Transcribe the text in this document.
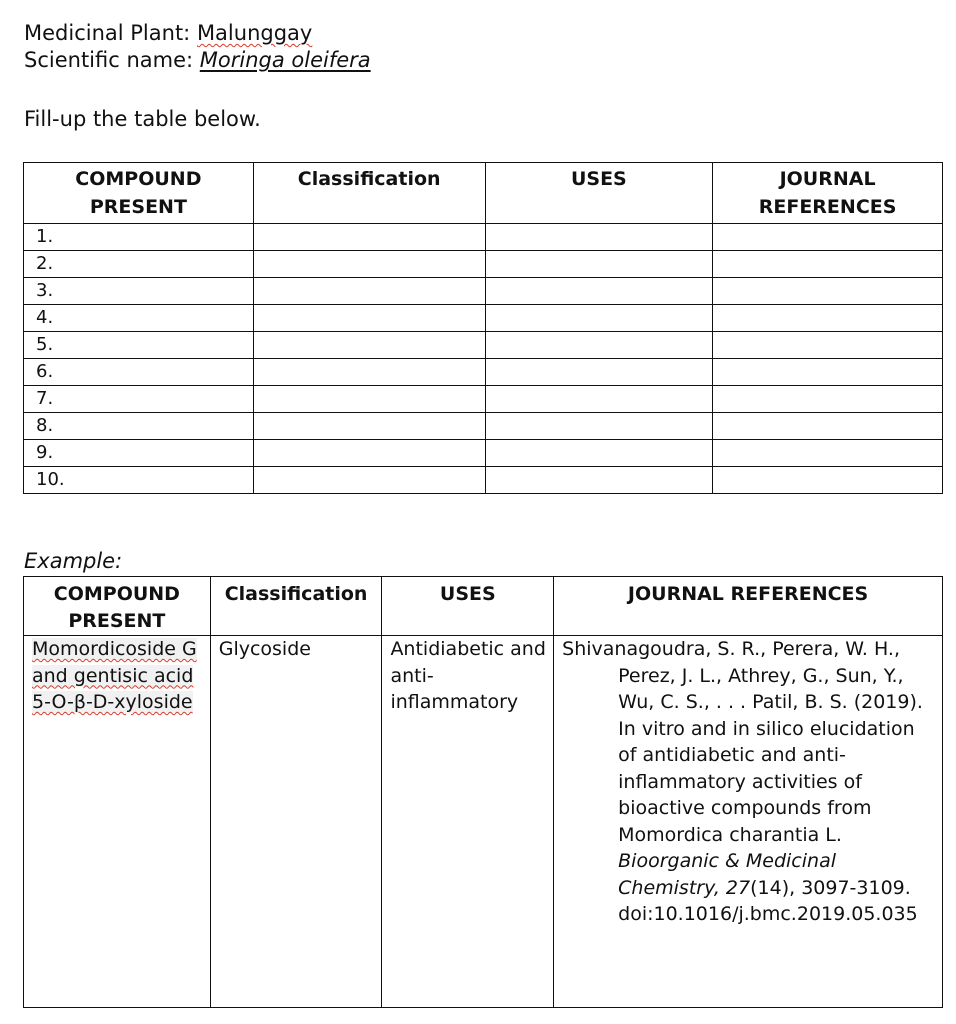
Medicinal Plant: Malunggay
Scientific name: Moringa oleifera
Fill-up the table below.
COMPOUND PRESENT	Classification	USES	JOURNAL REFERENCES
1.			
2.			
3.			
4.			
5.			
6.			
7.			
8.			
9.			
10.			
Example:
COMPOUND PRESENT	Classification	USES	JOURNAL REFERENCES
Momordicoside G and gentisic acid 5-O-β-D-xyloside	Glycoside	Antidiabetic and anti-inflammatory	Shivanagoudra, S. R., Perera, W. H., Perez, J. L., Athrey, G., Sun, Y., Wu, C. S., . . . Patil, B. S. (2019). In vitro and in silico elucidation of antidiabetic and anti-inflammatory activities of bioactive compounds from Momordica charantia L. Bioorganic & Medicinal Chemistry, 27(14), 3097-3109. doi:10.1016/j.bmc.2019.05.035
